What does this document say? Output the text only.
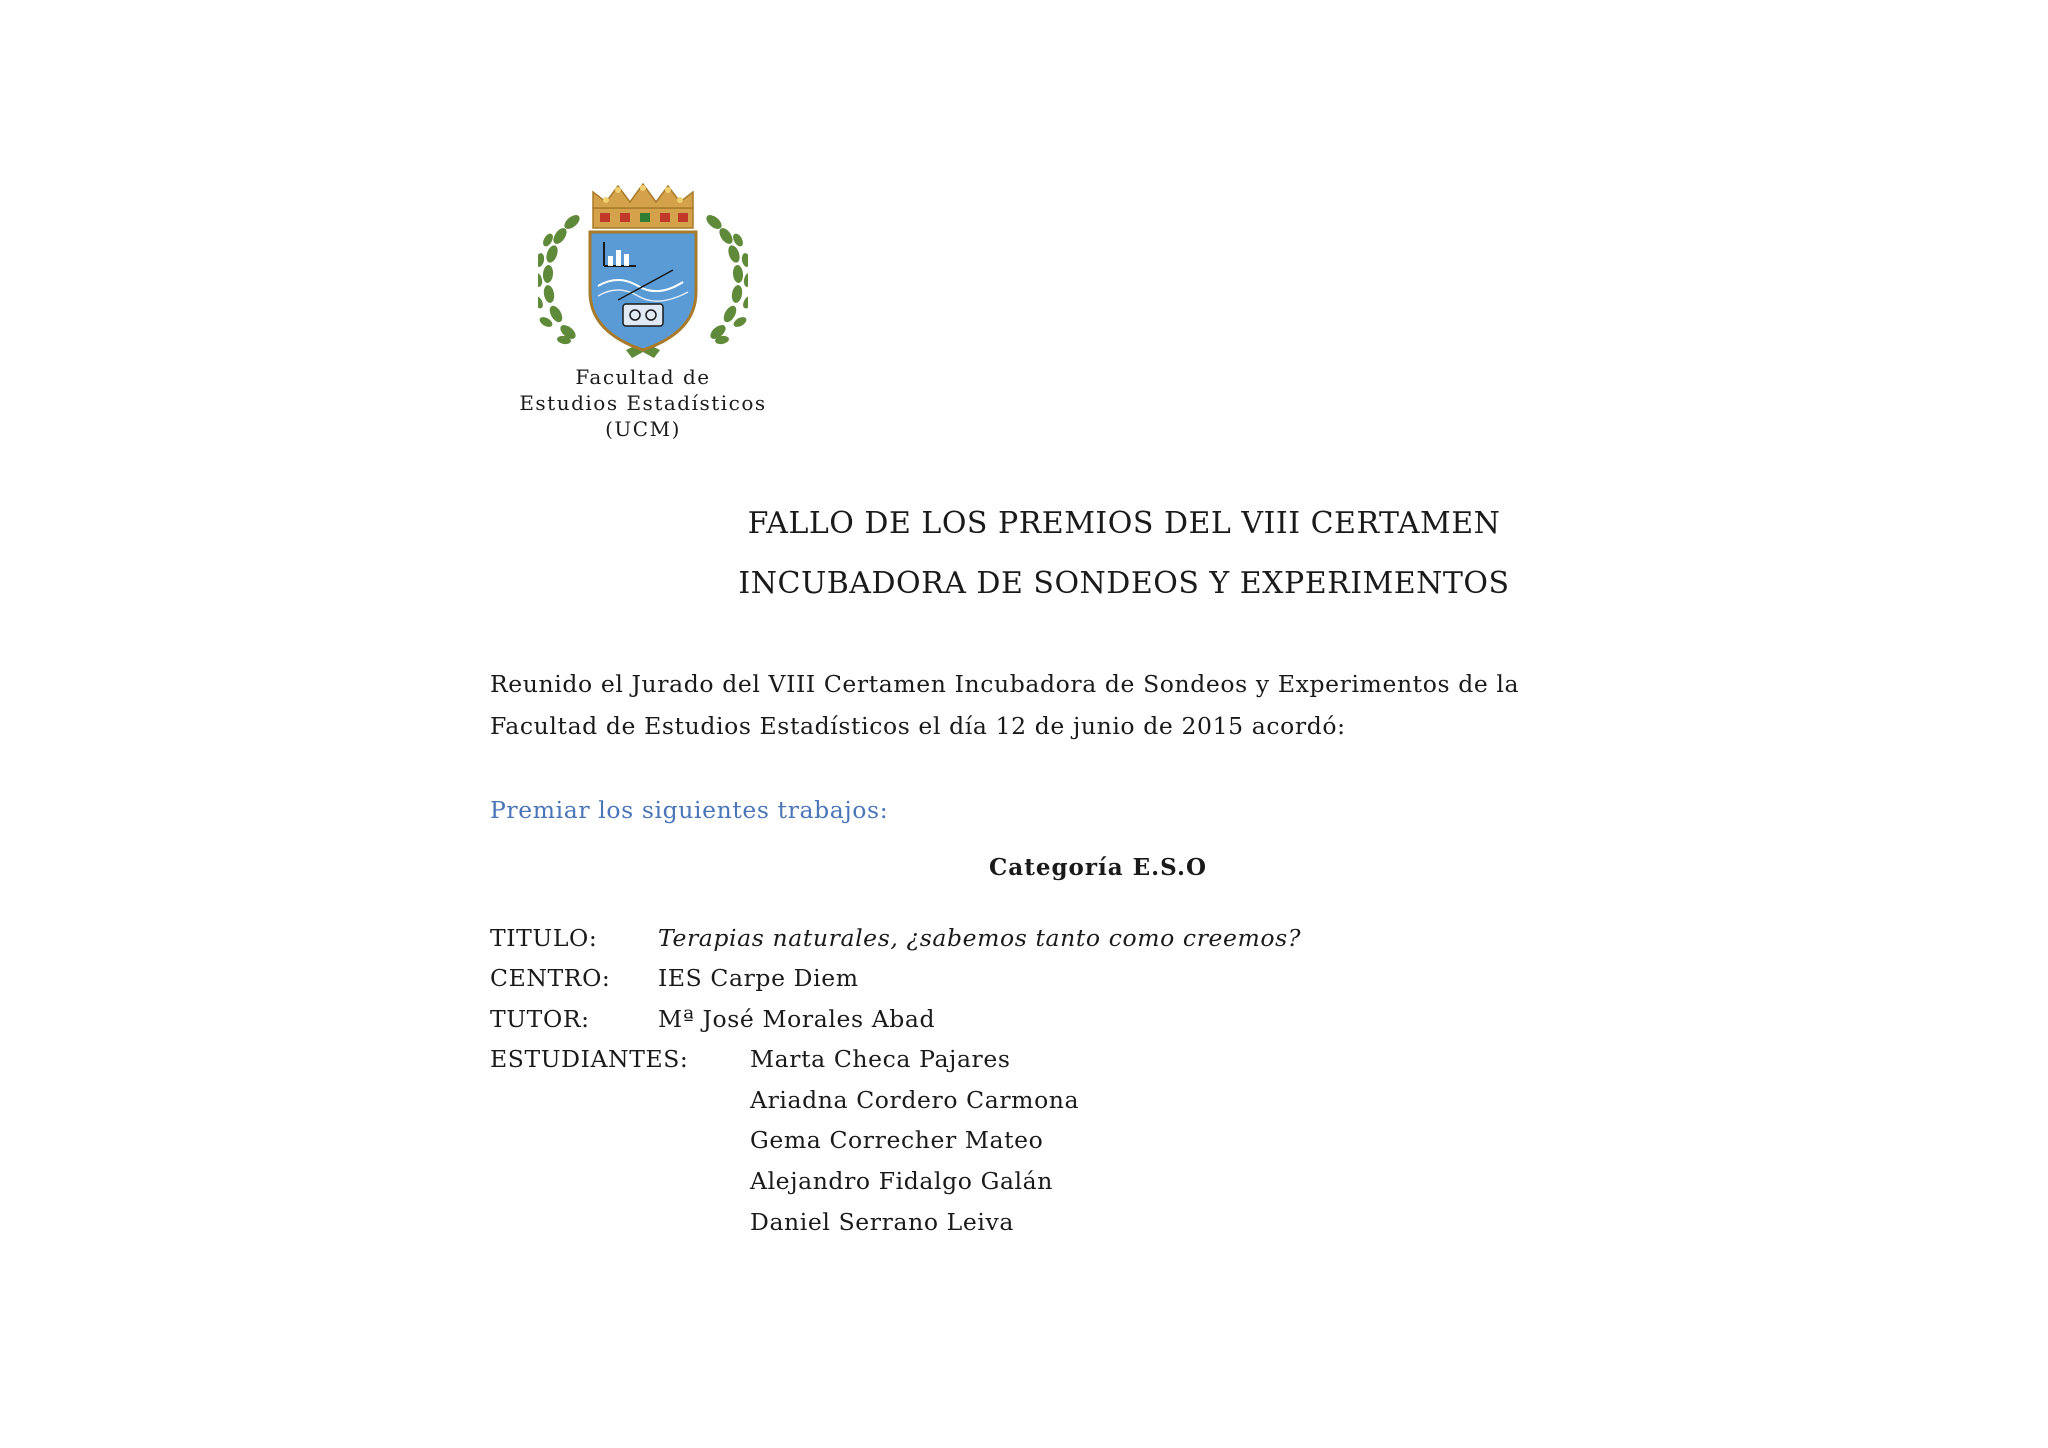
Facultad de
Estudios Estadísticos
(UCM)
FALLO DE LOS PREMIOS DEL VIII CERTAMEN
INCUBADORA DE SONDEOS Y EXPERIMENTOS
Reunido el Jurado del VIII Certamen Incubadora de Sondeos y Experimentos de la
Facultad de Estudios Estadísticos el día 12 de junio de 2015 acordó:
Premiar los siguientes trabajos:
Categoría E.S.O
TITULO:	Terapias naturales, ¿sabemos tanto como creemos?
CENTRO: IES Carpe Diem
TUTOR:	Mª José Morales Abad
ESTUDIANTES:	Marta Checa Pajares
Ariadna Cordero Carmona
Gema Correcher Mateo
Alejandro Fidalgo Galán
Daniel Serrano Leiva
